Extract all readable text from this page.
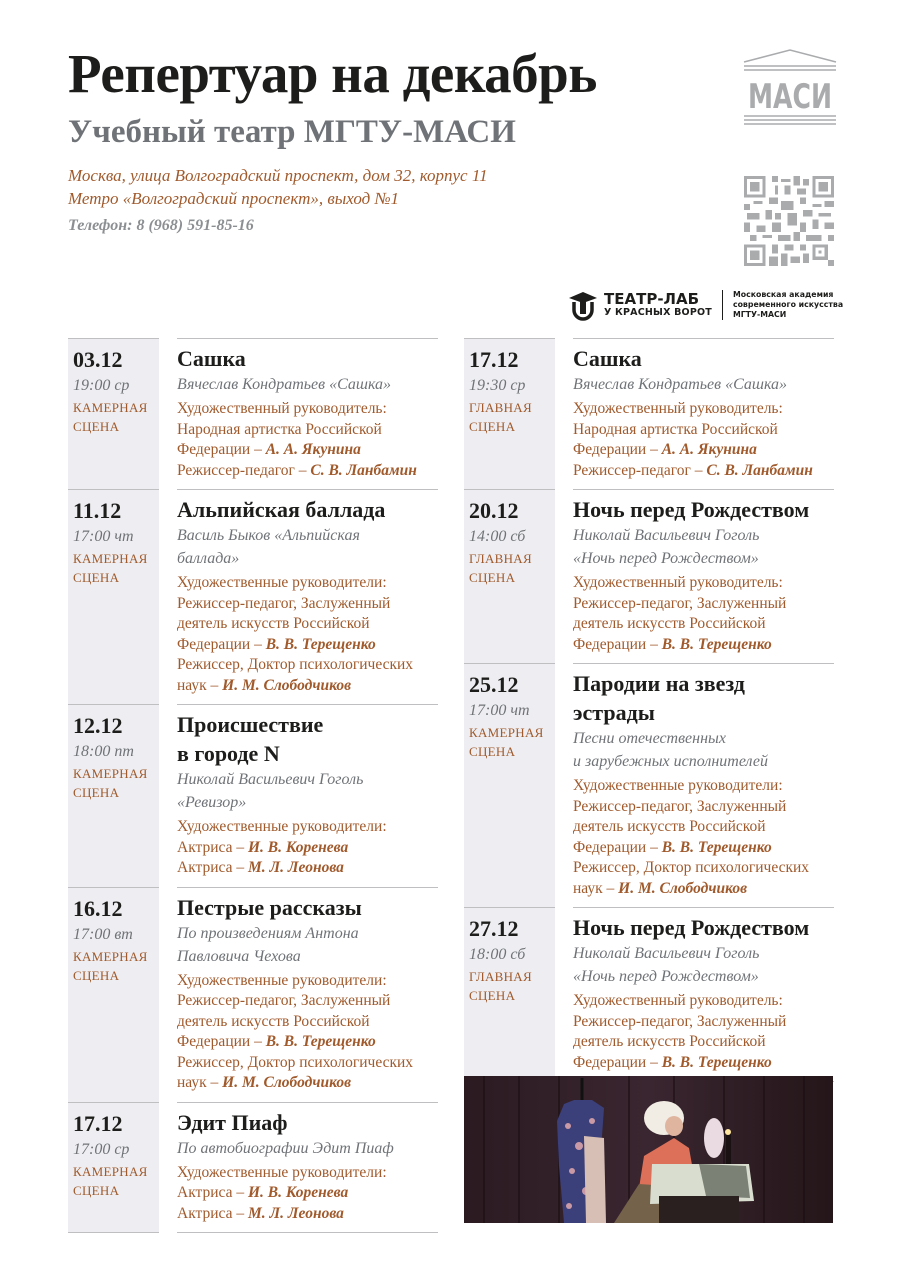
Репертуар на декабрь
Учебный театр МГТУ-МАСИ
Москва, улица Волгоградский проспект, дом 32, корпус 11
Метро «Волгоградский проспект», выход №1
Телефон: 8 (968) 591-85-16
МАСИ
ТЕАТР-ЛАБ
У КРАСНЫХ ВОРОТ
Московская академия
современного искусства
МГТУ-МАСИ
03.12
19:00 ср
КАМЕРНАЯ
СЦЕНА
Сашка
Вячеслав Кондратьев «Сашка»
Художественный руководитель:
Народная артистка Российской
Федерации – А. А. Якунина
Режиссер-педагог – С. В. Ланбамин
11.12
17:00 чт
КАМЕРНАЯ
СЦЕНА
Альпийская баллада
Василь Быков «Альпийская
баллада»
Художественные руководители:
Режиссер-педагог, Заслуженный
деятель искусств Российской
Федерации – В. В. Терещенко
Режиссер, Доктор психологических
наук – И. М. Слободчиков
12.12
18:00 пт
КАМЕРНАЯ
СЦЕНА
Происшествие
в городе N
Николай Васильевич Гоголь
«Ревизор»
Художественные руководители:
Актриса – И. В. Коренева
Актриса – М. Л. Леонова
16.12
17:00 вт
КАМЕРНАЯ
СЦЕНА
Пестрые рассказы
По произведениям Антона
Павловича Чехова
Художественные руководители:
Режиссер-педагог, Заслуженный
деятель искусств Российской
Федерации – В. В. Терещенко
Режиссер, Доктор психологических
наук – И. М. Слободчиков
17.12
17:00 ср
КАМЕРНАЯ
СЦЕНА
Эдит Пиаф
По автобиографии Эдит Пиаф
Художественные руководители:
Актриса – И. В. Коренева
Актриса – М. Л. Леонова
17.12
19:30 ср
ГЛАВНАЯ
СЦЕНА
Сашка
Вячеслав Кондратьев «Сашка»
Художественный руководитель:
Народная артистка Российской
Федерации – А. А. Якунина
Режиссер-педагог – С. В. Ланбамин
20.12
14:00 сб
ГЛАВНАЯ
СЦЕНА
Ночь перед Рождеством
Николай Васильевич Гоголь
«Ночь перед Рождеством»
Художественный руководитель:
Режиссер-педагог, Заслуженный
деятель искусств Российской
Федерации – В. В. Терещенко
25.12
17:00 чт
КАМЕРНАЯ
СЦЕНА
Пародии на звезд
эстрады
Песни отечественных
и зарубежных исполнителей
Художественные руководители:
Режиссер-педагог, Заслуженный
деятель искусств Российской
Федерации – В. В. Терещенко
Режиссер, Доктор психологических
наук – И. М. Слободчиков
27.12
18:00 сб
ГЛАВНАЯ
СЦЕНА
Ночь перед Рождеством
Николай Васильевич Гоголь
«Ночь перед Рождеством»
Художественный руководитель:
Режиссер-педагог, Заслуженный
деятель искусств Российской
Федерации – В. В. Терещенко
